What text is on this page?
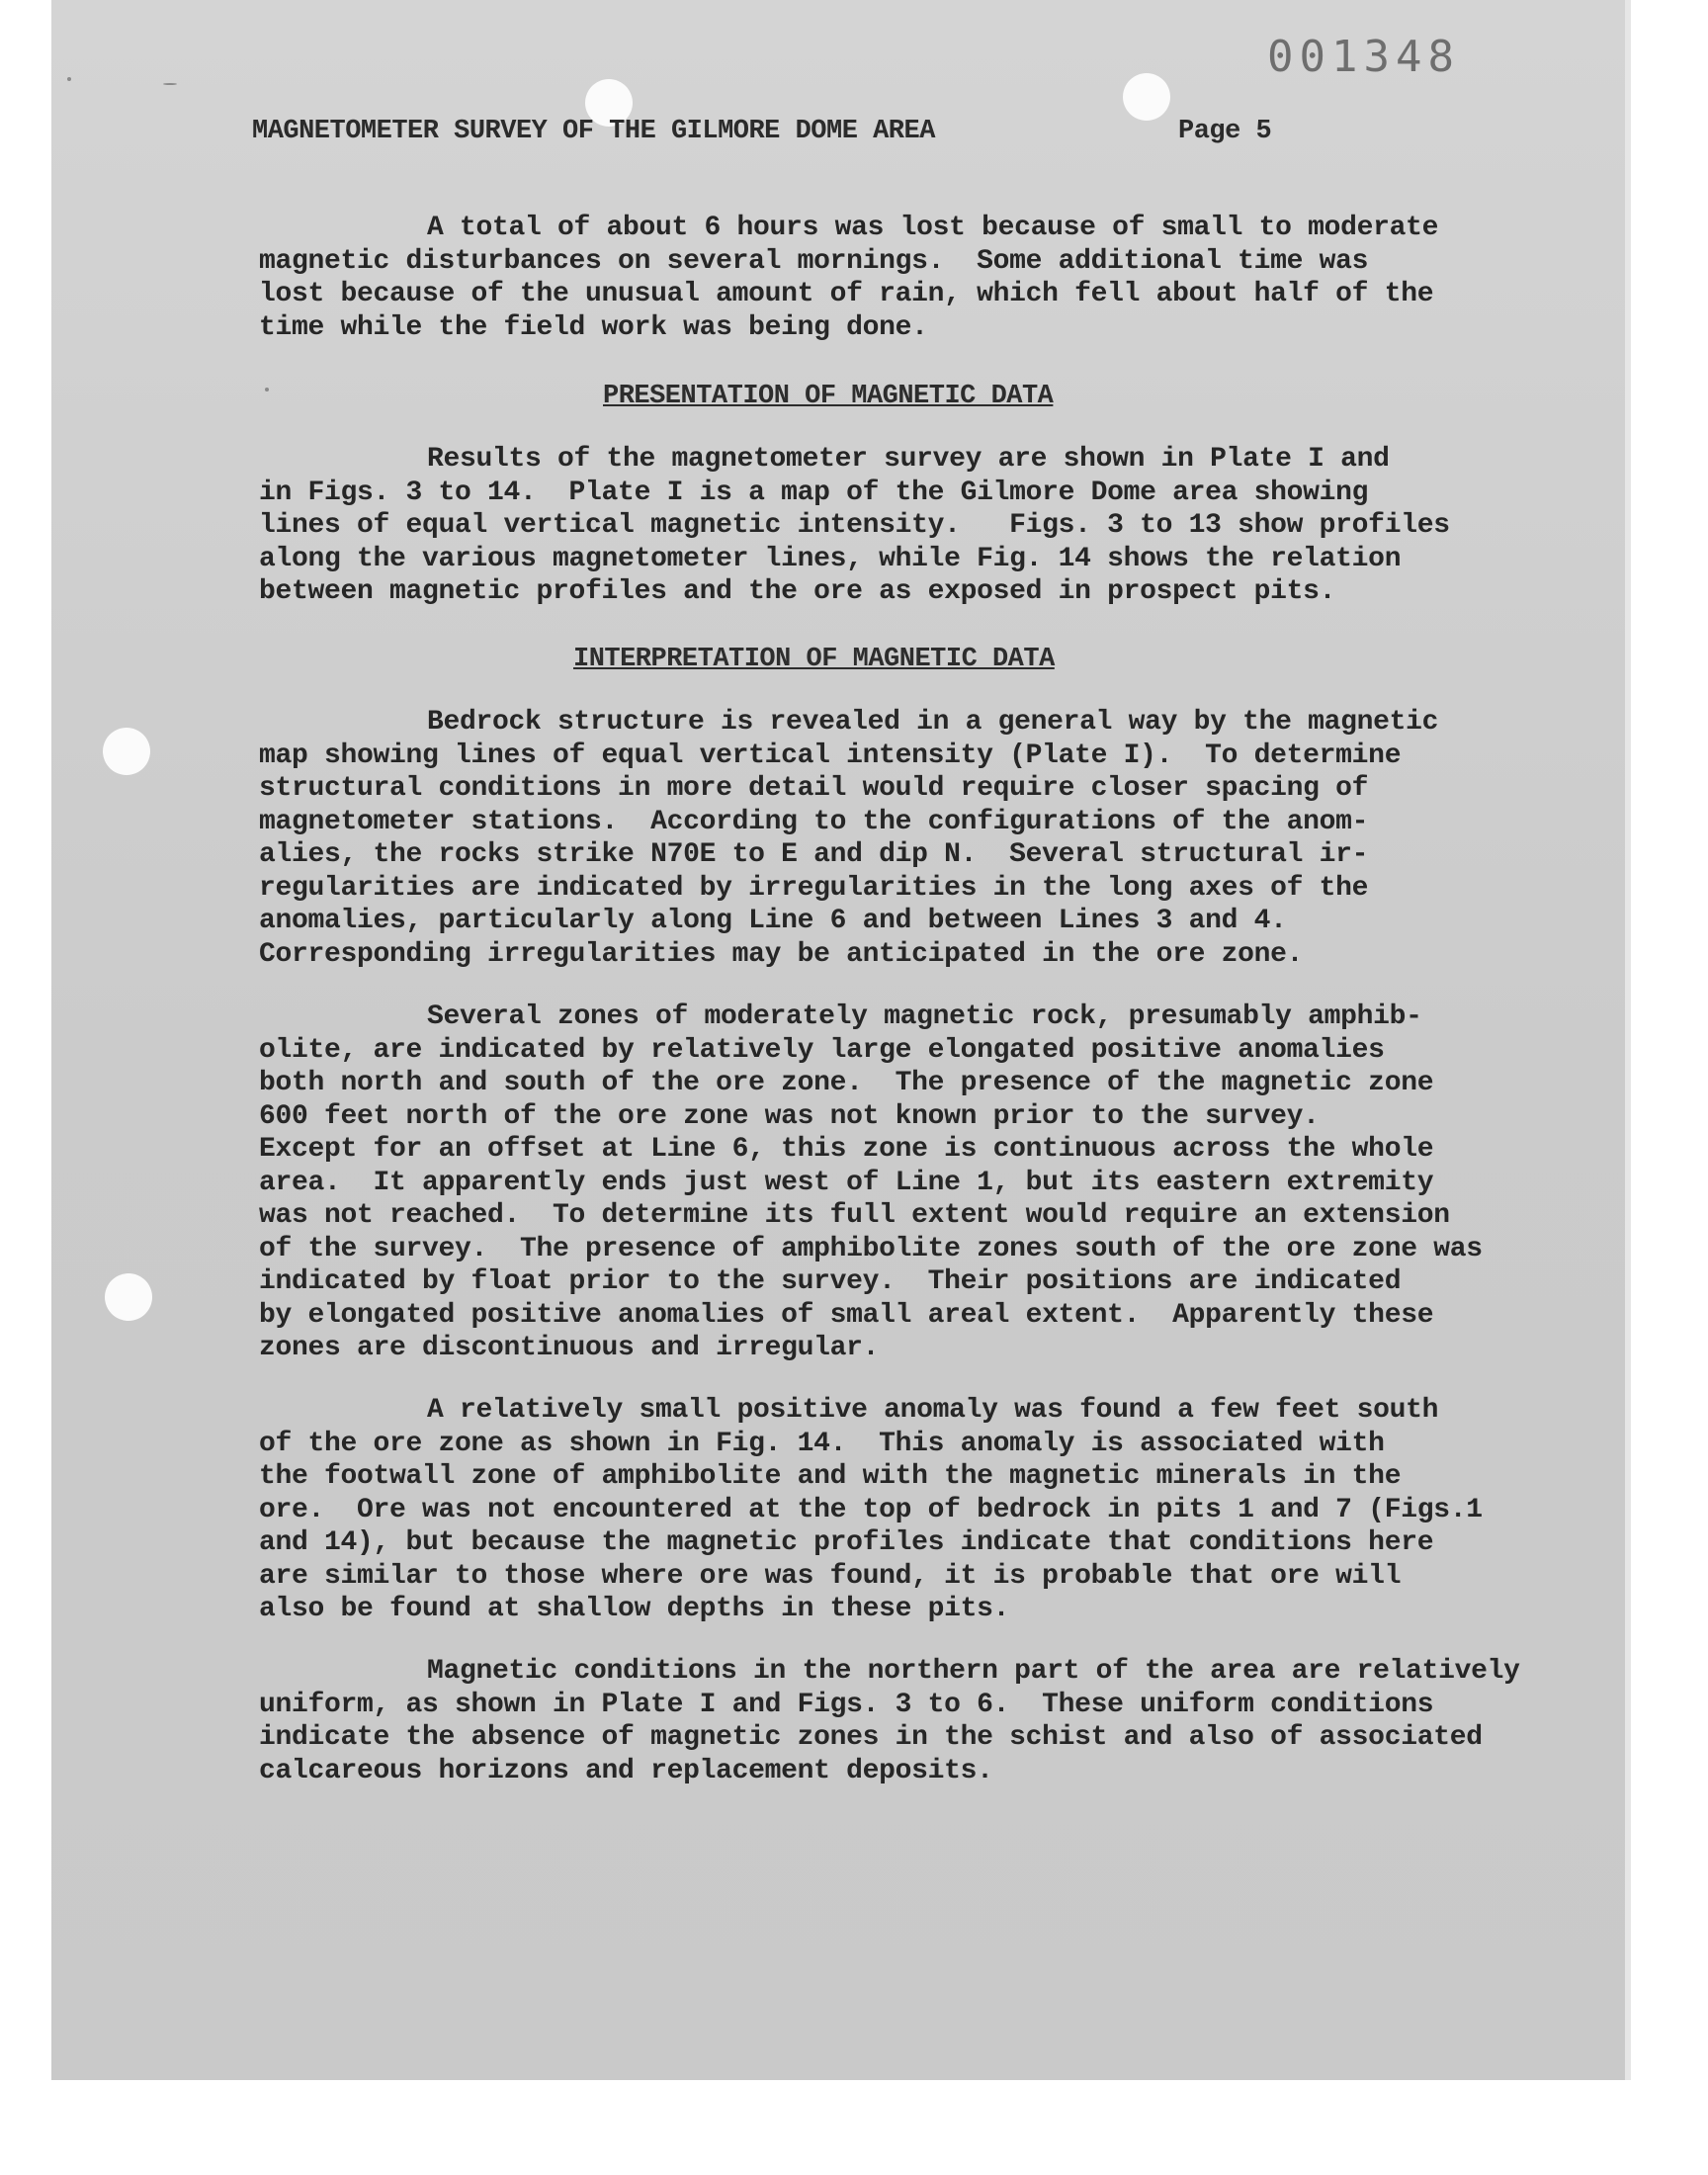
001348
MAGNETOMETER SURVEY OF THE GILMORE DOME AREA	Page 5
A total of about 6 hours was lost because of small to moderate
magnetic disturbances on several mornings.  Some additional time was
lost because of the unusual amount of rain, which fell about half of the
time while the field work was being done.
PRESENTATION OF MAGNETIC DATA
Results of the magnetometer survey are shown in Plate I and
in Figs. 3 to 14.  Plate I is a map of the Gilmore Dome area showing
lines of equal vertical magnetic intensity.   Figs. 3 to 13 show profiles
along the various magnetometer lines, while Fig. 14 shows the relation
between magnetic profiles and the ore as exposed in prospect pits.
INTERPRETATION OF MAGNETIC DATA
Bedrock structure is revealed in a general way by the magnetic
map showing lines of equal vertical intensity (Plate I).  To determine
structural conditions in more detail would require closer spacing of
magnetometer stations.  According to the configurations of the anom-
alies, the rocks strike N70E to E and dip N.  Several structural ir-
regularities are indicated by irregularities in the long axes of the
anomalies, particularly along Line 6 and between Lines 3 and 4.
Corresponding irregularities may be anticipated in the ore zone.
Several zones of moderately magnetic rock, presumably amphib-
olite, are indicated by relatively large elongated positive anomalies
both north and south of the ore zone.  The presence of the magnetic zone
600 feet north of the ore zone was not known prior to the survey.
Except for an offset at Line 6, this zone is continuous across the whole
area.  It apparently ends just west of Line 1, but its eastern extremity
was not reached.  To determine its full extent would require an extension
of the survey.  The presence of amphibolite zones south of the ore zone was
indicated by float prior to the survey.  Their positions are indicated
by elongated positive anomalies of small areal extent.  Apparently these
zones are discontinuous and irregular.
A relatively small positive anomaly was found a few feet south
of the ore zone as shown in Fig. 14.  This anomaly is associated with
the footwall zone of amphibolite and with the magnetic minerals in the
ore.  Ore was not encountered at the top of bedrock in pits 1 and 7 (Figs.1
and 14), but because the magnetic profiles indicate that conditions here
are similar to those where ore was found, it is probable that ore will
also be found at shallow depths in these pits.
Magnetic conditions in the northern part of the area are relatively
uniform, as shown in Plate I and Figs. 3 to 6.  These uniform conditions
indicate the absence of magnetic zones in the schist and also of associated
calcareous horizons and replacement deposits.
